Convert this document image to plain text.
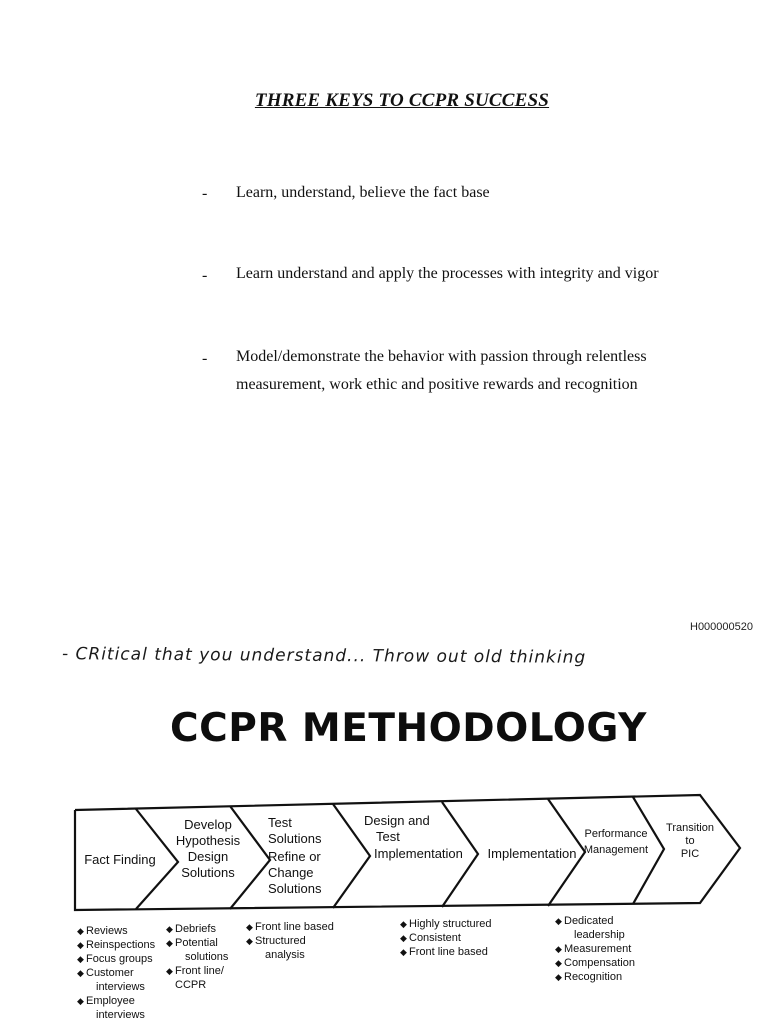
THREE KEYS TO CCPR SUCCESS
- Learn, understand, believe the fact base
- Learn understand and apply the processes with integrity and vigor
- Model/demonstrate the behavior with passion through relentless
measurement, work ethic and positive rewards and recognition
H000000520
- CRitical that you understand... Throw out old thinking
CCPR METHODOLOGY
Fact Finding
Develop
Hypothesis
Design
Solutions
Test
Solutions
Refine or
Change
Solutions
Design and
Test
Implementation	Implementation
Performance
Management
Transition
to
PIC
◆ Reviews
◆ Reinspections
◆ Focus groups
◆ Customer
interviews
◆ Employee
interviews
◆ Debriefs
◆ Potential
solutions
◆ Front line/
CCPR
◆ Front line based
◆ Structured
analysis
◆ Highly structured
◆ Consistent
◆ Front line based
◆ Dedicated
leadership
◆ Measurement
◆ Compensation
◆ Recognition
